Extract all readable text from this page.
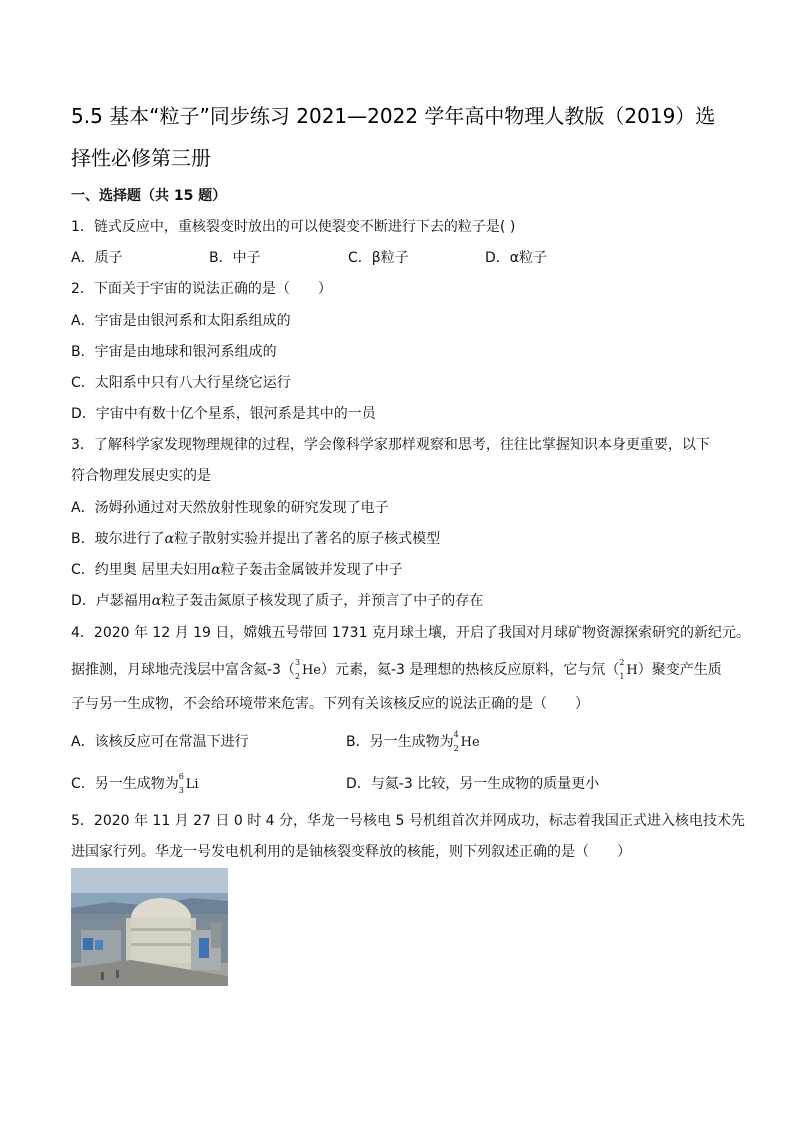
5.5 基本“粒子”同步练习 2021—2022 学年高中物理人教版（2019）选
择性必修第三册
一、选择题（共 15 题）
1．链式反应中，重核裂变时放出的可以使裂变不断进行下去的粒子是( )
A．质子	B．中子	C．β粒子	D．α粒子
2．下面关于宇宙的说法正确的是（　　）
A．宇宙是由银河系和太阳系组成的
B．宇宙是由地球和银河系组成的
C．太阳系中只有八大行星绕它运行
D．宇宙中有数十亿个星系，银河系是其中的一员
3．了解科学家发现物理规律的过程，学会像科学家那样观察和思考，往往比掌握知识本身更重要，以下
符合物理发展史实的是
A．汤姆孙通过对天然放射性现象的研究发现了电子
B．玻尔进行了α粒子散射实验并提出了著名的原子核式模型
C．约里奥 居里夫妇用α粒子轰击金属铍并发现了中子
D．卢瑟福用α粒子轰击氮原子核发现了质子，并预言了中子的存在
4．2020 年 12 月 19 日，嫦娥五号带回 1731 克月球土壤，开启了我国对月球矿物资源探索研究的新纪元。
据推测，月球地壳浅层中富含氦-3（ 3
2 He）元素，氦-3 是理想的热核反应原料，它与氘（ 2
1 H）聚变产生质
子与另一生成物，不会给环境带来危害。下列有关该核反应的说法正确的是（　　）
A．该核反应可在常温下进行	B．另一生成物为 4
2 He
C．另一生成物为 6
3 Li	D．与氦-3 比较，另一生成物的质量更小
5．2020 年 11 月 27 日 0 时 4 分，华龙一号核电 5 号机组首次并网成功，标志着我国正式进入核电技术先
进国家行列。华龙一号发电机利用的是铀核裂变释放的核能，则下列叙述正确的是（　　）
